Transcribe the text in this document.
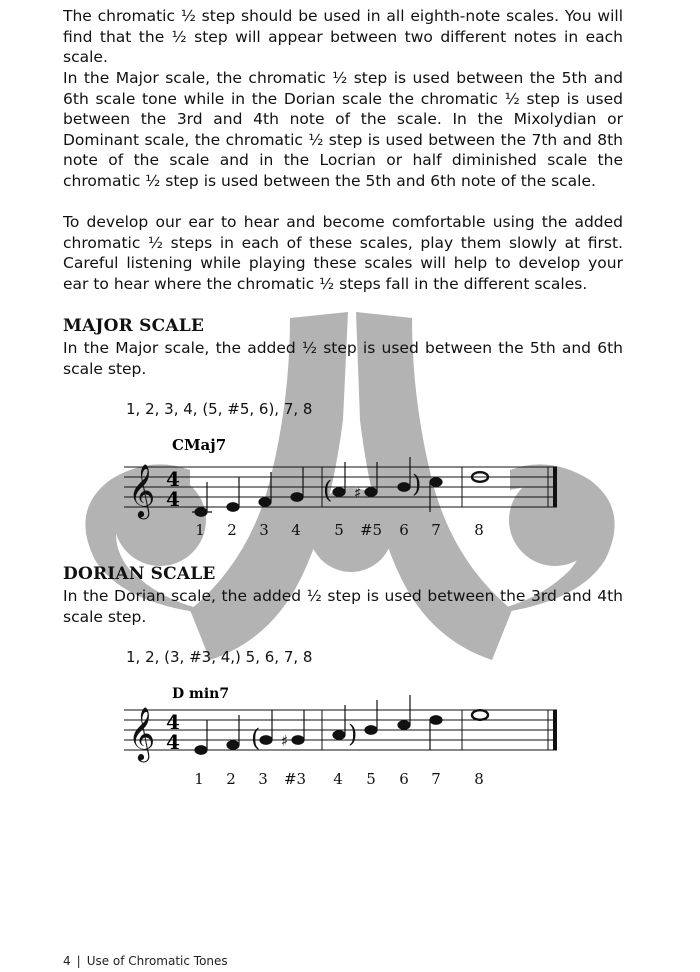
The chromatic ½ step should be used in all eighth-note scales. You will find that the ½ step will appear between two different notes in each scale.

In the Major scale, the chromatic ½ step is used between the 5th and 6th scale tone while in the Dorian scale the chromatic ½ step is used between the 3rd and 4th note of the scale. In the Mixolydian or Dominant scale, the chromatic ½ step is used between the 7th and 8th note of the scale and in the Locrian or half diminished scale the chromatic ½ step is used between the 5th and 6th note of the scale.

To develop our ear to hear and become comfortable using the added chromatic ½ steps in each of these scales, play them slowly at first. Careful listening while playing these scales will help to develop your ear to hear where the chromatic ½ steps fall in the different scales.

MAJOR SCALE

In the Major scale, the added ½ step is used between the 5th and 6th scale step.

1, 2, 3, 4, (5, #5, 6), 7, 8
CMaj7
𝄞 4
4	♯
(	)
1 2 3 4 5 #5 6 7 8
DORIAN SCALE

In the Dorian scale, the added ½ step is used between the 3rd and 4th scale step.

1, 2, (3, #3, 4,) 5, 6, 7, 8
D min7
𝄞 4
4	♯
(	)
1 2 3 #3 4 5 6 7 8
4 | Use of Chromatic Tones
